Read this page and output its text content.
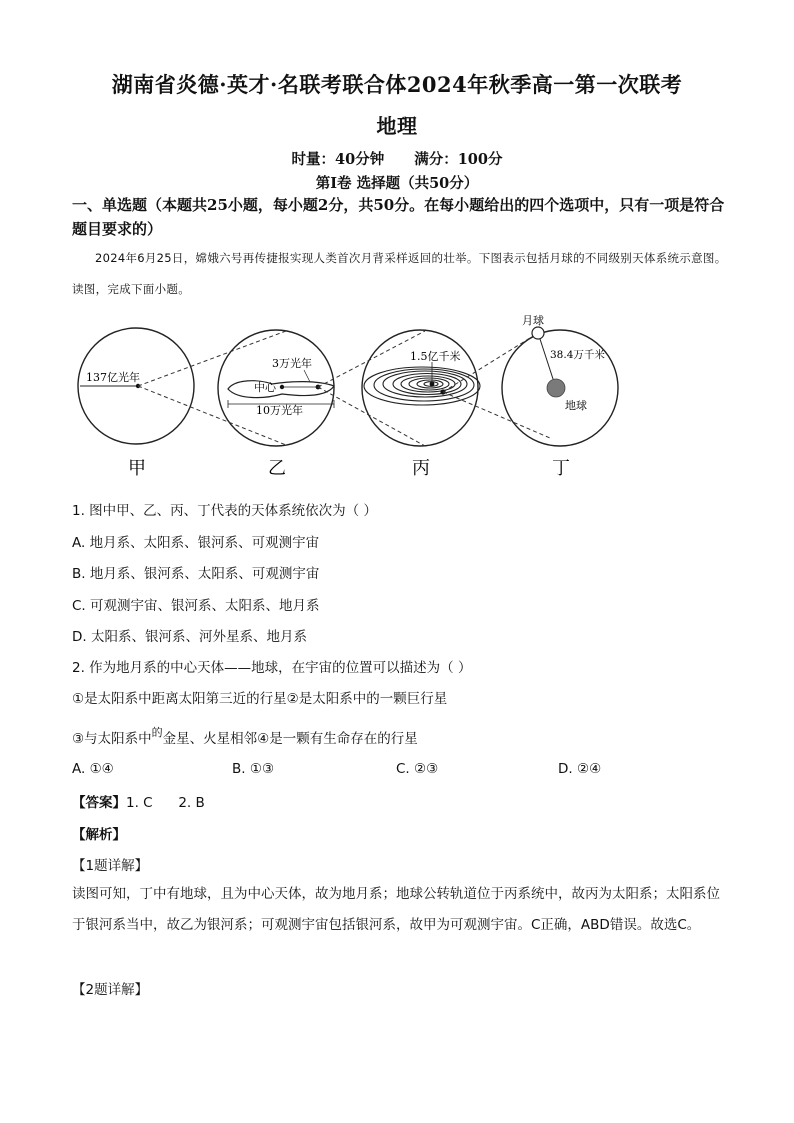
湖南省炎德·英才·名联考联合体2024年秋季高一第一次联考
地理
时量：40分钟 满分：100分
第Ⅰ卷 选择题（共50分）
一、单选题（本题共25小题，每小题2分，共50分。在每小题给出的四个选项中，只有一项是符合题目要求的）
2024年6月25日，嫦娥六号再传捷报实现人类首次月背采样返回的壮举。下图表示包括月球的不同级别天体系统示意图。读图，完成下面小题。
137亿光年
3万光年
中心
10万光年
1.5亿千米
月球
38.4万千米
地球
甲	乙	丙	丁
1. 图中甲、乙、丙、丁代表的天体系统依次为（ ）
A. 地月系、太阳系、银河系、可观测宇宙
B. 地月系、银河系、太阳系、可观测宇宙
C. 可观测宇宙、银河系、太阳系、地月系
D. 太阳系、银河系、河外星系、地月系
2. 作为地月系的中心天体——地球，在宇宙的位置可以描述为（ ）
①是太阳系中距离太阳第三近的行星②是太阳系中的一颗巨行星
③与太阳系中$^的$金星、火星相邻④是一颗有生命存在的行星
A. ①④	B. ①③	C. ②③	D. ②④
【答案】1. C      2. B
【解析】
【1题详解】
读图可知，丁中有地球，且为中心天体，故为地月系；地球公转轨道位于丙系统中，故丙为太阳系；太阳系位于银河系当中，故乙为银河系；可观测宇宙包括银河系，故甲为可观测宇宙。C正确，ABD错误。故选C。
【2题详解】
